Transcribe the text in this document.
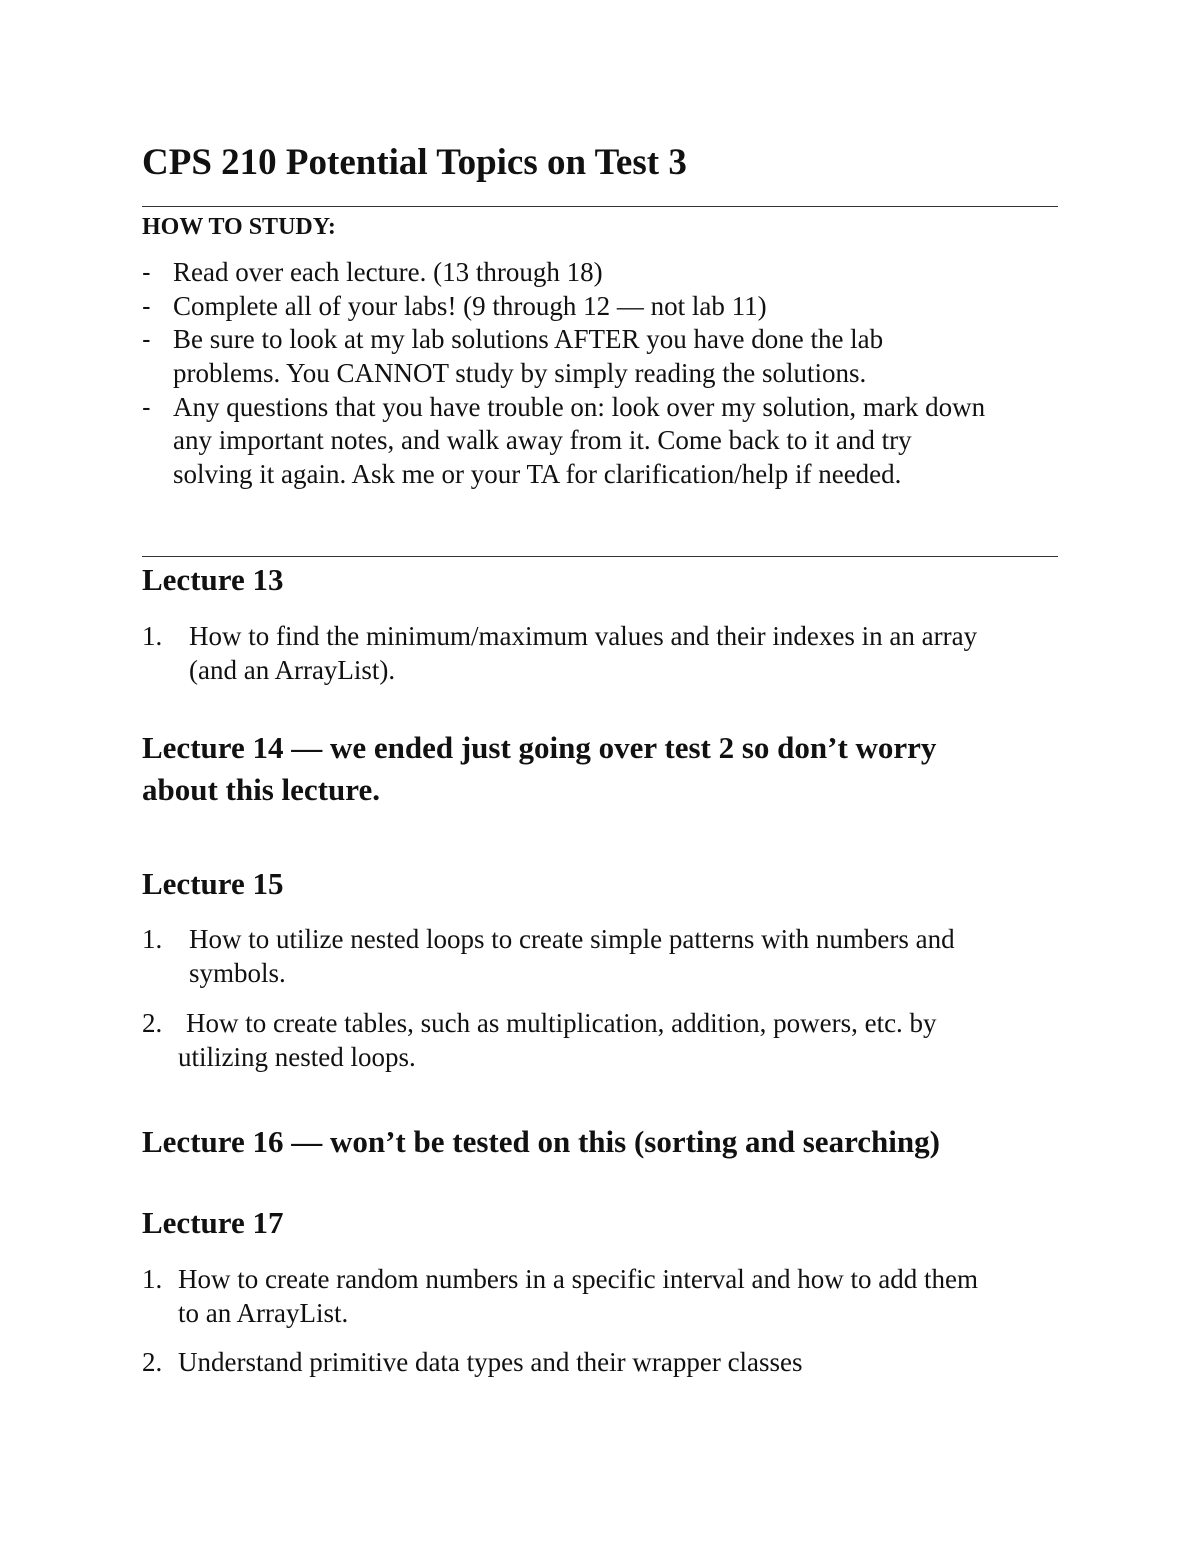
CPS 210 Potential Topics on Test 3
HOW TO STUDY:
- Read over each lecture. (13 through 18)
- Complete all of your labs! (9 through 12 — not lab 11)
- Be sure to look at my lab solutions AFTER you have done the lab
problems. You CANNOT study by simply reading the solutions.
- Any questions that you have trouble on: look over my solution, mark down
any important notes, and walk away from it. Come back to it and try
solving it again. Ask me or your TA for clarification/help if needed.
Lecture 13
1. How to find the minimum/maximum values and their indexes in an array
(and an ArrayList).
Lecture 14 — we ended just going over test 2 so don’t worry
about this lecture.
Lecture 15
1. How to utilize nested loops to create simple patterns with numbers and
symbols.
2. How to create tables, such as multiplication, addition, powers, etc. by
utilizing nested loops.
Lecture 16 — won’t be tested on this (sorting and searching)
Lecture 17
1. How to create random numbers in a specific interval and how to add them
to an ArrayList.
2. Understand primitive data types and their wrapper classes
